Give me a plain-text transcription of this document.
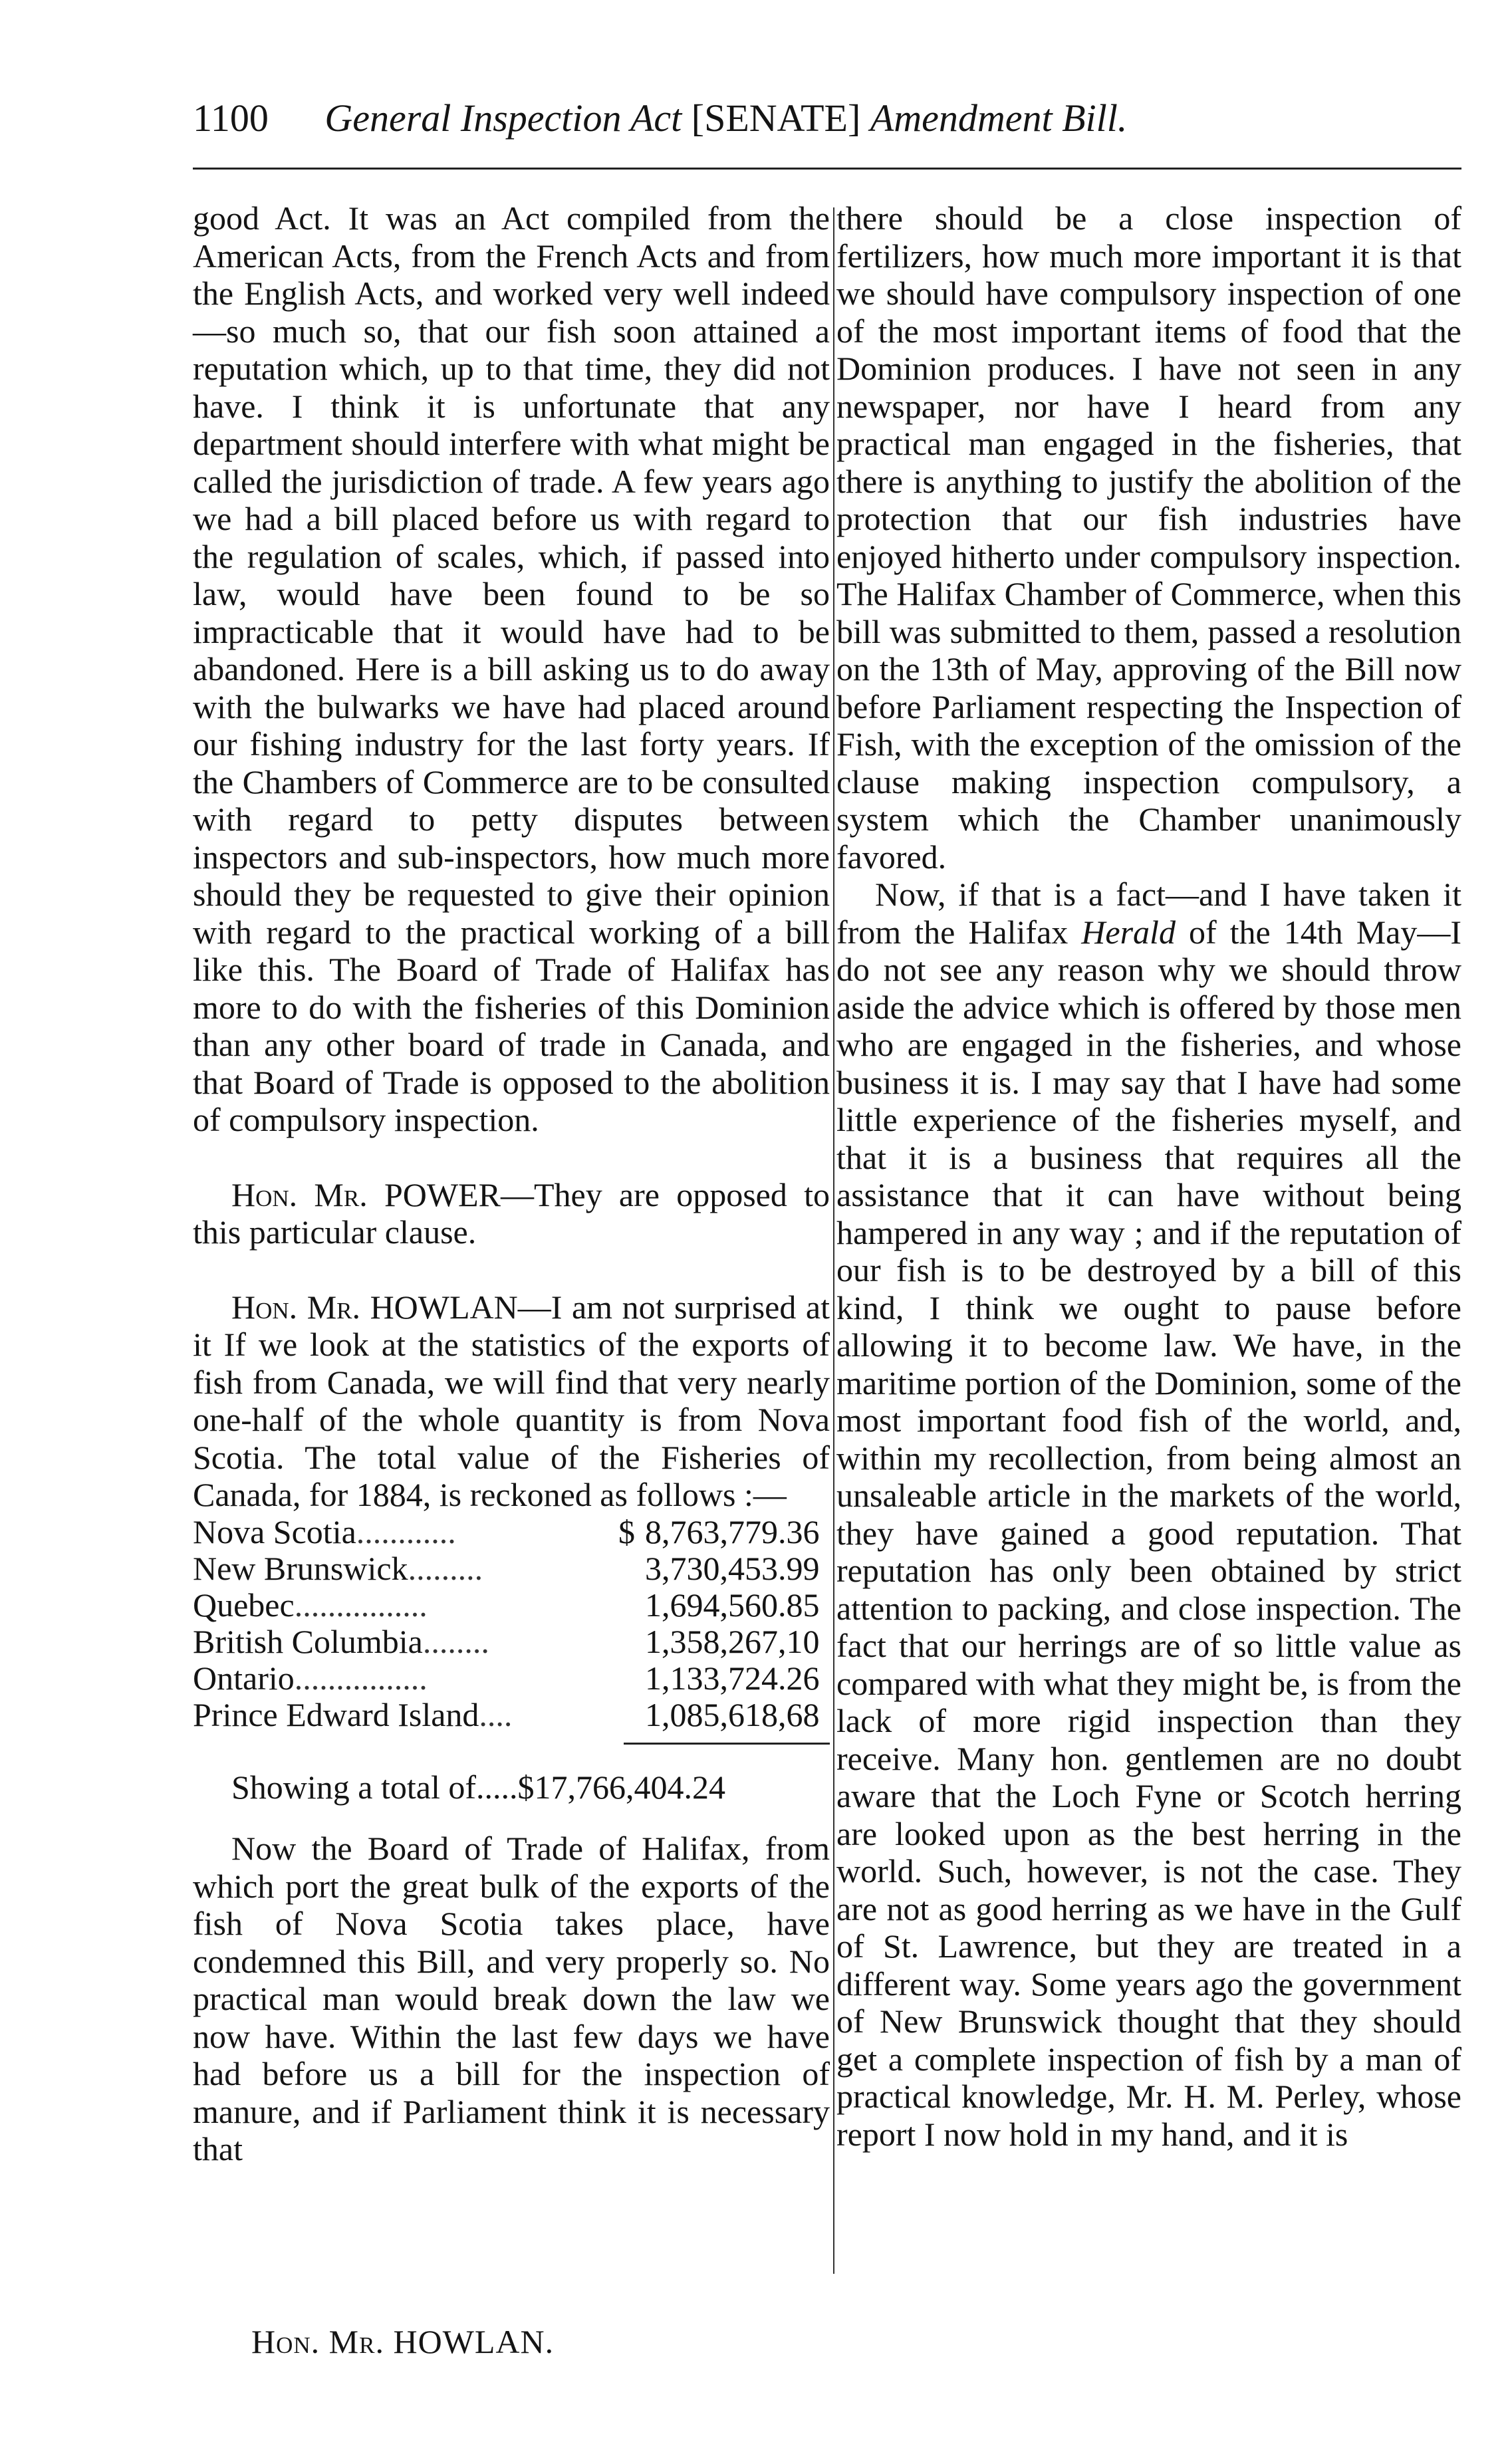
1100 General Inspection Act [SENATE] Amendment Bill.

good Act. It was an Act compiled from the American Acts, from the French Acts and from the English Acts, and worked very well indeed—so much so, that our fish soon attained a reputation which, up to that time, they did not have. I think it is unfortunate that any department should interfere with what might be called the jurisdiction of trade. A few years ago we had a bill placed before us with regard to the regulation of scales, which, if passed into law, would have been found to be so impracticable that it would have had to be abandoned. Here is a bill asking us to do away with the bulwarks we have had placed around our fishing industry for the last forty years. If the Chambers of Commerce are to be consulted with regard to petty disputes between inspectors and sub-inspectors, how much more should they be requested to give their opinion with regard to the practical working of a bill like this. The Board of Trade of Halifax has more to do with the fisheries of this Dominion than any other board of trade in Canada, and that Board of Trade is opposed to the abolition of compulsory inspection.

Hon. Mr. POWER—They are opposed to this particular clause.

Hon. Mr. HOWLAN—I am not surprised at it If we look at the statistics of the exports of fish from Canada, we will find that very nearly one-half of the whole quantity is from Nova Scotia. The total value of the Fisheries of Canada, for 1884, is reckoned as follows :—

Nova Scotia............	$	8,763,779.36
New Brunswick.........		3,730,453.99
Quebec................		1,694,560.85
British Columbia........		1,358,267,10
Ontario................		1,133,724.26
Prince Edward Island....		1,085,618,68
Showing a total of.....$17,766,404.24

Now the Board of Trade of Halifax, from which port the great bulk of the exports of the fish of Nova Scotia takes place, have condemned this Bill, and very properly so. No practical man would break down the law we now have. Within the last few days we have had before us a bill for the inspection of manure, and if Parliament think it is necessary that

there should be a close inspection of fertilizers, how much more important it is that we should have compulsory inspection of one of the most important items of food that the Dominion produces. I have not seen in any newspaper, nor have I heard from any practical man engaged in the fisheries, that there is anything to justify the abolition of the protection that our fish industries have enjoyed hitherto under compulsory inspection. The Halifax Chamber of Commerce, when this bill was submitted to them, passed a resolution on the 13th of May, approving of the Bill now before Parliament respecting the Inspection of Fish, with the exception of the omission of the clause making inspection compulsory, a system which the Chamber unanimously favored.

Now, if that is a fact—and I have taken it from the Halifax Herald of the 14th May—I do not see any reason why we should throw aside the advice which is offered by those men who are engaged in the fisheries, and whose business it is. I may say that I have had some little experience of the fisheries myself, and that it is a business that requires all the assistance that it can have without being hampered in any way ; and if the reputation of our fish is to be destroyed by a bill of this kind, I think we ought to pause before allowing it to become law. We have, in the maritime portion of the Dominion, some of the most important food fish of the world, and, within my recollection, from being almost an unsaleable article in the markets of the world, they have gained a good reputation. That reputation has only been obtained by strict attention to packing, and close inspection. The fact that our herrings are of so little value as compared with what they might be, is from the lack of more rigid inspection than they receive. Many hon. gentlemen are no doubt aware that the Loch Fyne or Scotch herring are looked upon as the best herring in the world. Such, however, is not the case. They are not as good herring as we have in the Gulf of St. Lawrence, but they are treated in a different way. Some years ago the government of New Brunswick thought that they should get a complete inspection of fish by a man of practical knowledge, Mr. H. M. Perley, whose report I now hold in my hand, and it is

Hon. Mr. HOWLAN.
